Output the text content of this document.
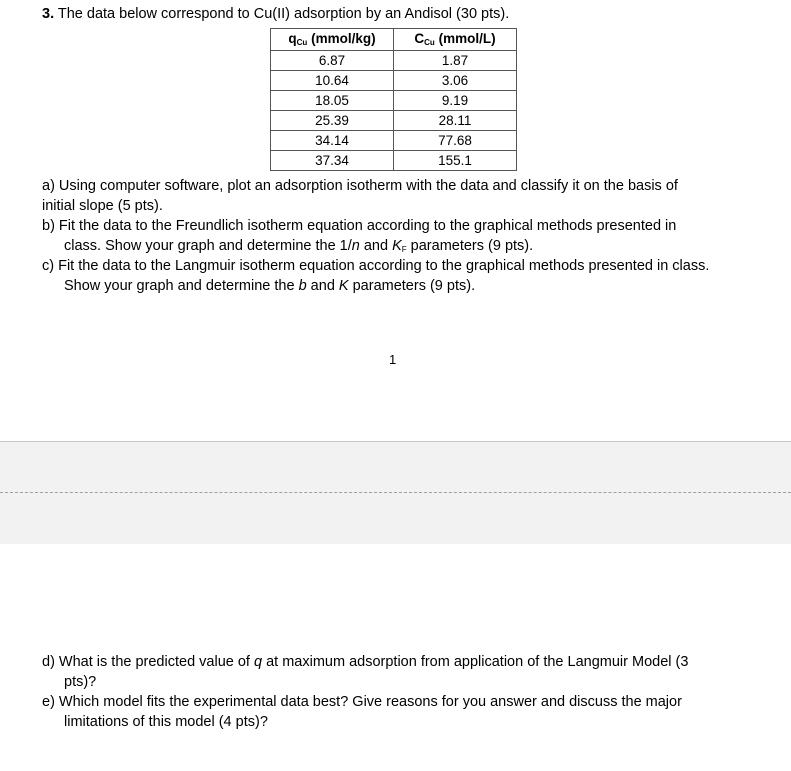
3. The data below correspond to Cu(II) adsorption by an Andisol (30 pts).
qCu (mmol/kg)	CCu (mmol/L)
6.87	1.87
10.64	3.06
18.05	9.19
25.39	28.11
34.14	77.68
37.34	155.1
a) Using computer software, plot an adsorption isotherm with the data and classify it on the basis of
initial slope (5 pts).
b) Fit the data to the Freundlich isotherm equation according to the graphical methods presented in
class. Show your graph and determine the 1/n and KF parameters (9 pts).
c) Fit the data to the Langmuir isotherm equation according to the graphical methods presented in class.
Show your graph and determine the b and K parameters (9 pts).
1
d) What is the predicted value of q at maximum adsorption from application of the Langmuir Model (3
pts)?
e) Which model fits the experimental data best? Give reasons for you answer and discuss the major
limitations of this model (4 pts)?
